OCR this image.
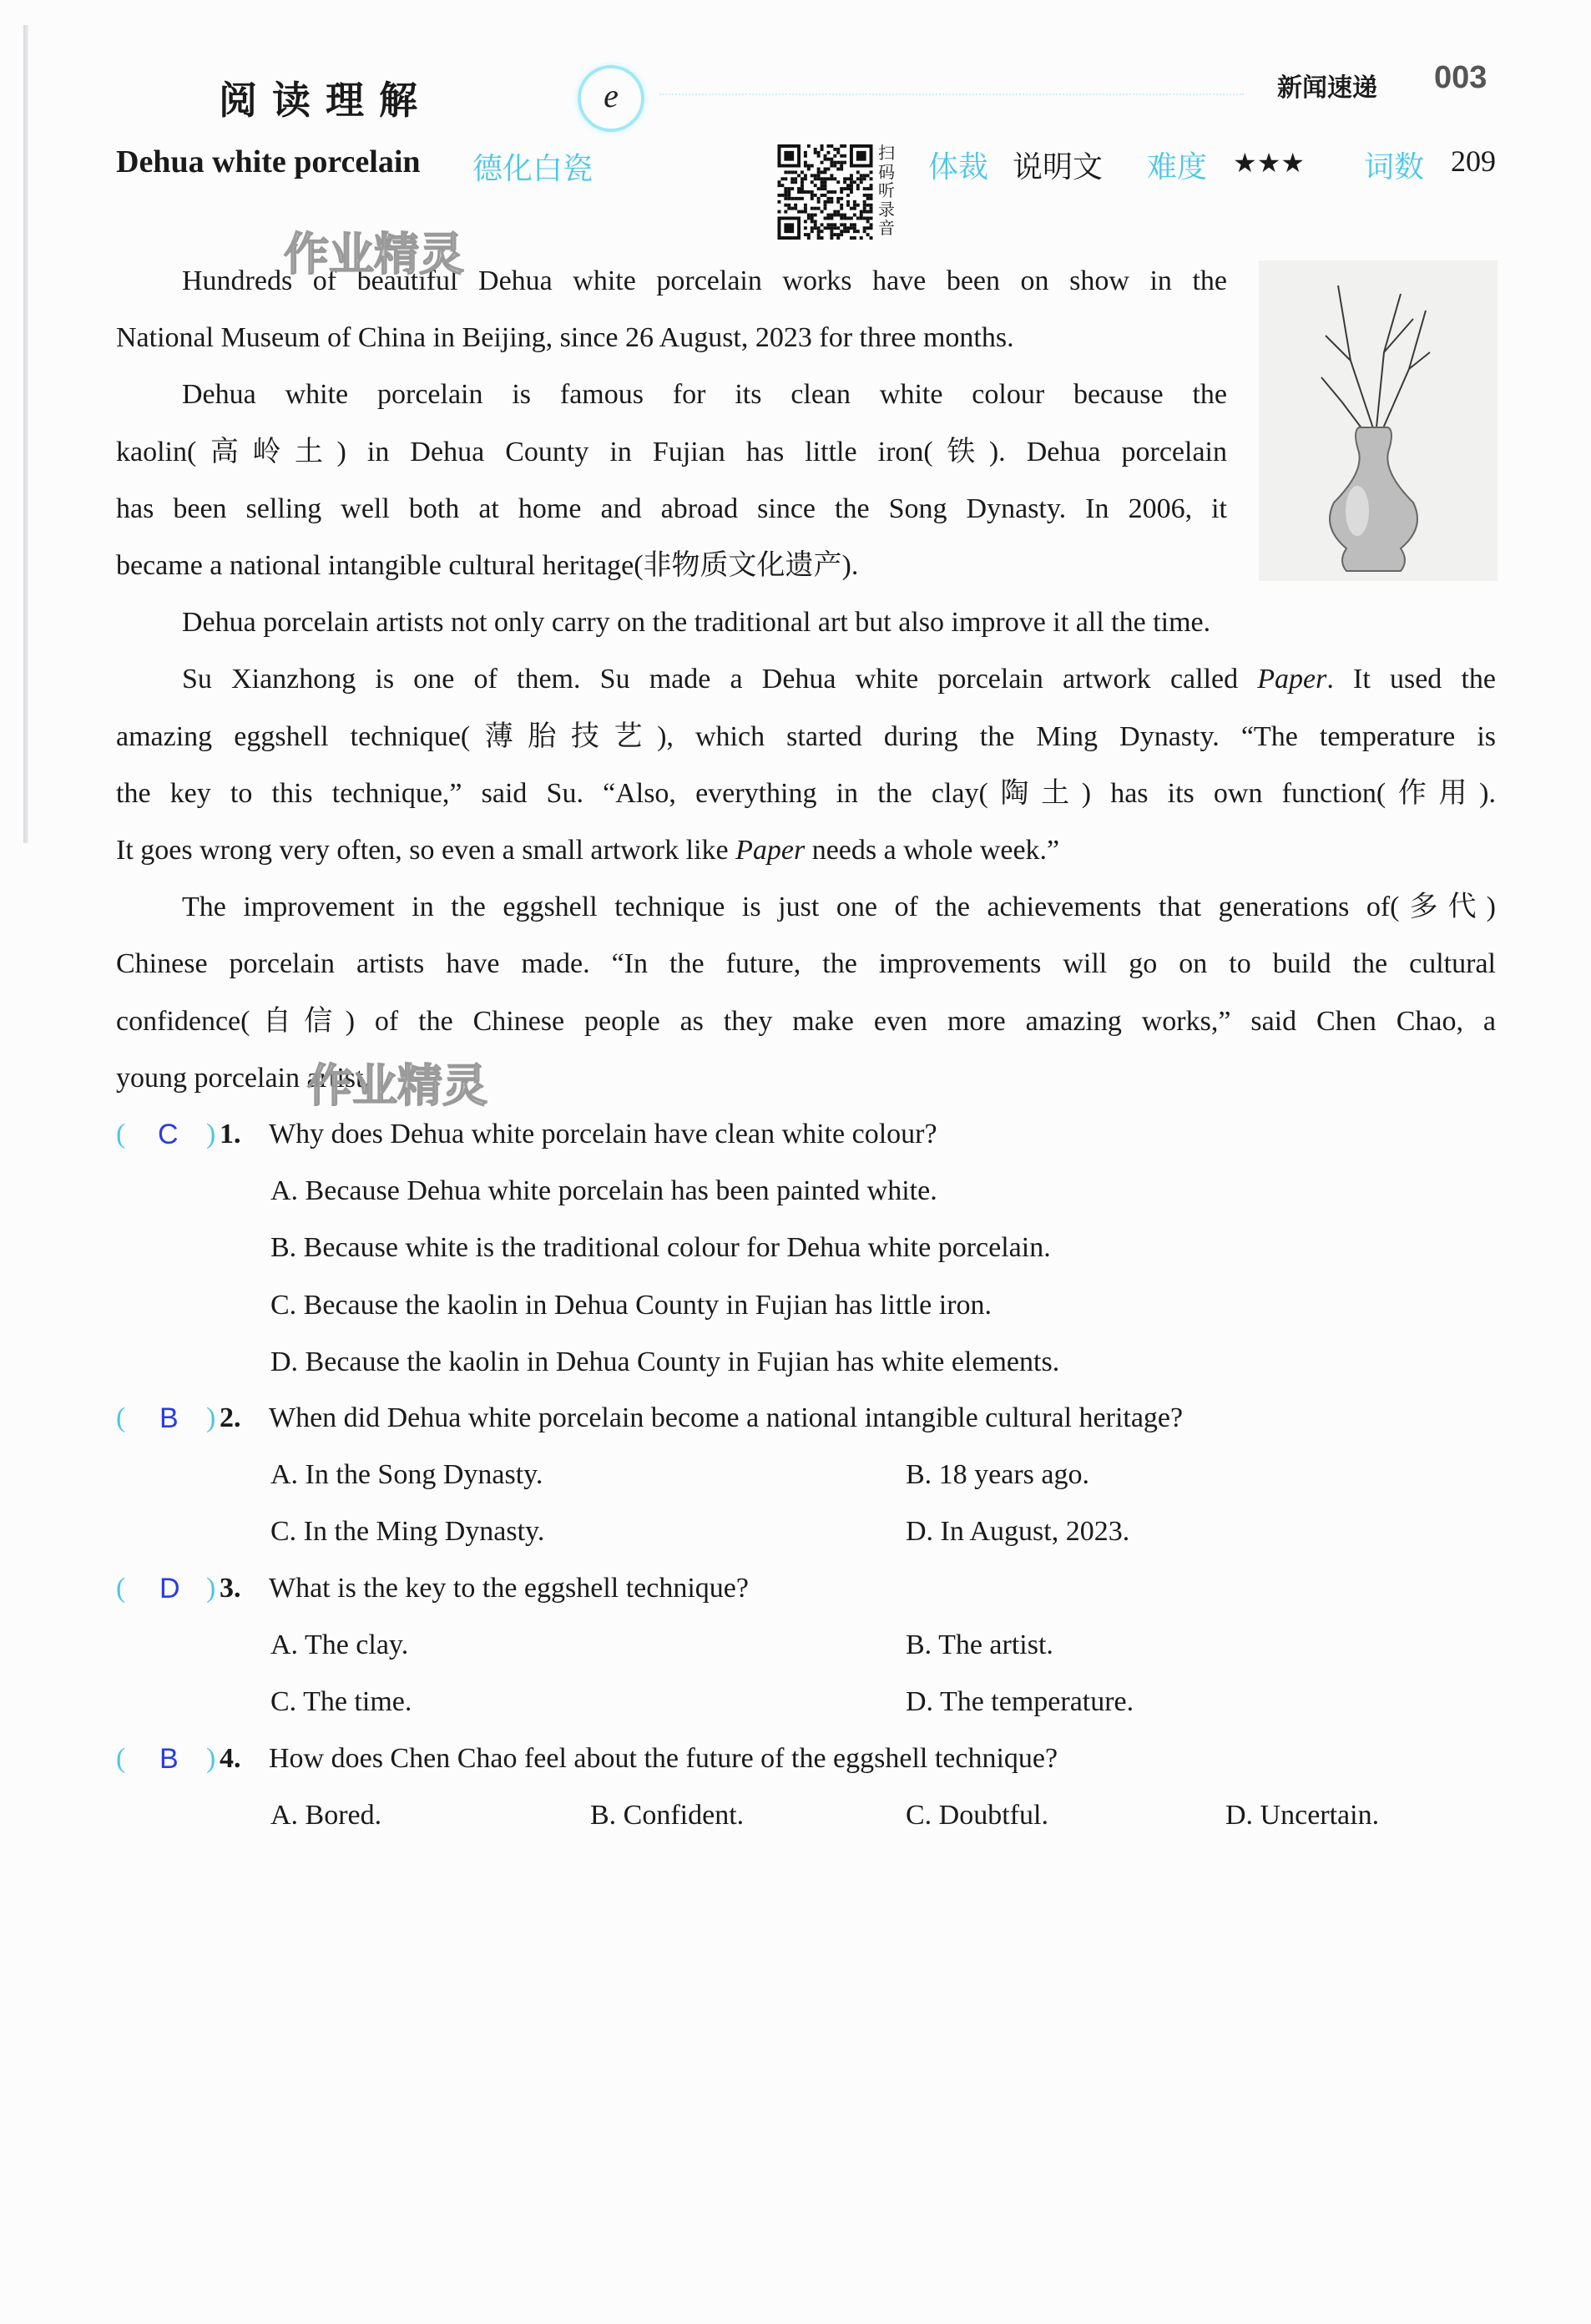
阅读理解	e	新闻速递 003
Dehua white porcelain 德化白瓷	扫码听录音
体裁 说明文 难度 ★★★ 词数 209
Hundreds of beautiful Dehua white porcelain works have been on show in the
National Museum of China in Beijing, since 26 August, 2023 for three months.
Dehua white porcelain is famous for its clean white colour because the
kaolin(高岭土) in Dehua County in Fujian has little iron(铁). Dehua porcelain
has been selling well both at home and abroad since the Song Dynasty. In 2006, it
became a national intangible cultural heritage(非物质文化遗产).
Dehua porcelain artists not only carry on the traditional art but also improve it all the time.
Su Xianzhong is one of them. Su made a Dehua white porcelain artwork called Paper. It used the
amazing eggshell technique(薄胎技艺), which started during the Ming Dynasty. “The temperature is
the key to this technique,” said Su. “Also, everything in the clay(陶土) has its own function(作用).
It goes wrong very often, so even a small artwork like Paper needs a whole week.”
The improvement in the eggshell technique is just one of the achievements that generations of(多代)
Chinese porcelain artists have made. “In the future, the improvements will go on to build the cultural
confidence(自信) of the Chinese people as they make even more amazing works,” said Chen Chao, a
young porcelain artist.
作业精灵
作业精灵
( C ) 1. Why does Dehua white porcelain have clean white colour?
A. Because Dehua white porcelain has been painted white.
B. Because white is the traditional colour for Dehua white porcelain.
C. Because the kaolin in Dehua County in Fujian has little iron.
D. Because the kaolin in Dehua County in Fujian has white elements.
( B ) 2. When did Dehua white porcelain become a national intangible cultural heritage?
A. In the Song Dynasty.	B. 18 years ago.
C. In the Ming Dynasty.	D. In August, 2023.
( D ) 3. What is the key to the eggshell technique?
A. The clay.	B. The artist.
C. The time.	D. The temperature.
( B ) 4. How does Chen Chao feel about the future of the eggshell technique?
A. Bored.	B. Confident.	C. Doubtful.	D. Uncertain.
